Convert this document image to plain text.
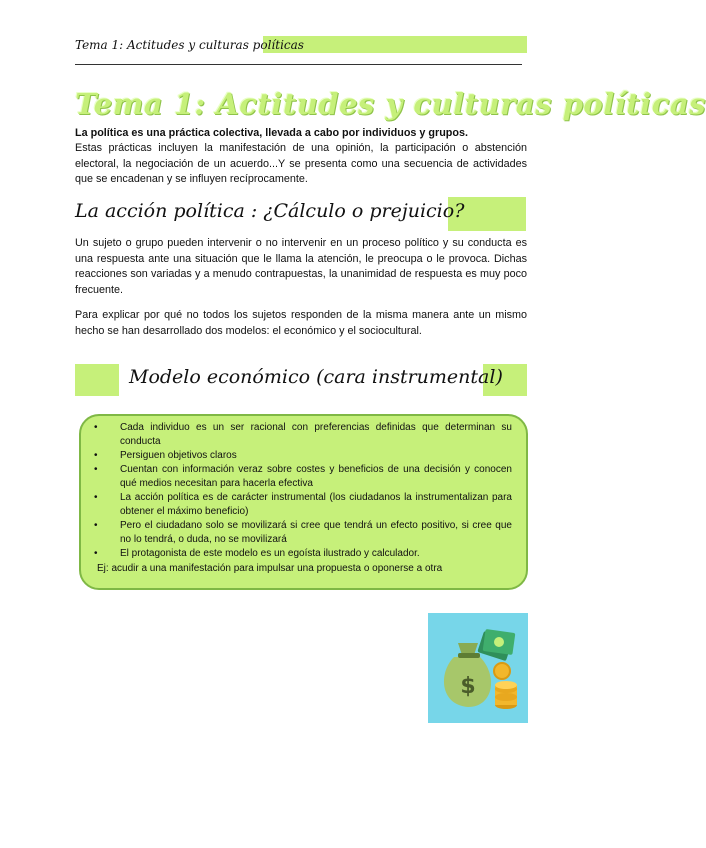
Tema 1: Actitudes y culturas políticas
Tema 1: Actitudes y culturas políticas

La política es una práctica colectiva, llevada a cabo por individuos y grupos.

Estas prácticas incluyen la manifestación de una opinión, la participación o abstención electoral, la negociación de un acuerdo...Y se presenta como una secuencia de actividades que se encadenan y se influyen recíprocamente.

La acción política : ¿Cálculo o prejuicio?

Un sujeto o grupo pueden intervenir o no intervenir en un proceso político y su conducta es una respuesta ante una situación que le llama la atención, le preocupa o le provoca. Dichas reacciones son variadas y a menudo contrapuestas, la unanimidad de respuesta es muy poco frecuente.

Para explicar por qué no todos los sujetos responden de la misma manera ante un mismo hecho se han desarrollado dos modelos: el económico y el sociocultural.

Modelo económico (cara instrumental)
• Cada individuo es un ser racional con preferencias definidas que determinan su conducta
• Persiguen objetivos claros
• Cuentan con información veraz sobre costes y beneficios de una decisión y conocen qué medios necesitan para hacerla efectiva
• La acción política es de carácter instrumental (los ciudadanos la instrumentalizan para obtener el máximo beneficio)
• Pero el ciudadano solo se movilizará si cree que tendrá un efecto positivo, si cree que no lo tendrá, o duda, no se movilizará
• El protagonista de este modelo es un egoísta ilustrado y calculador.
Ej: acudir a una manifestación para impulsar una propuesta o oponerse a otra
$
